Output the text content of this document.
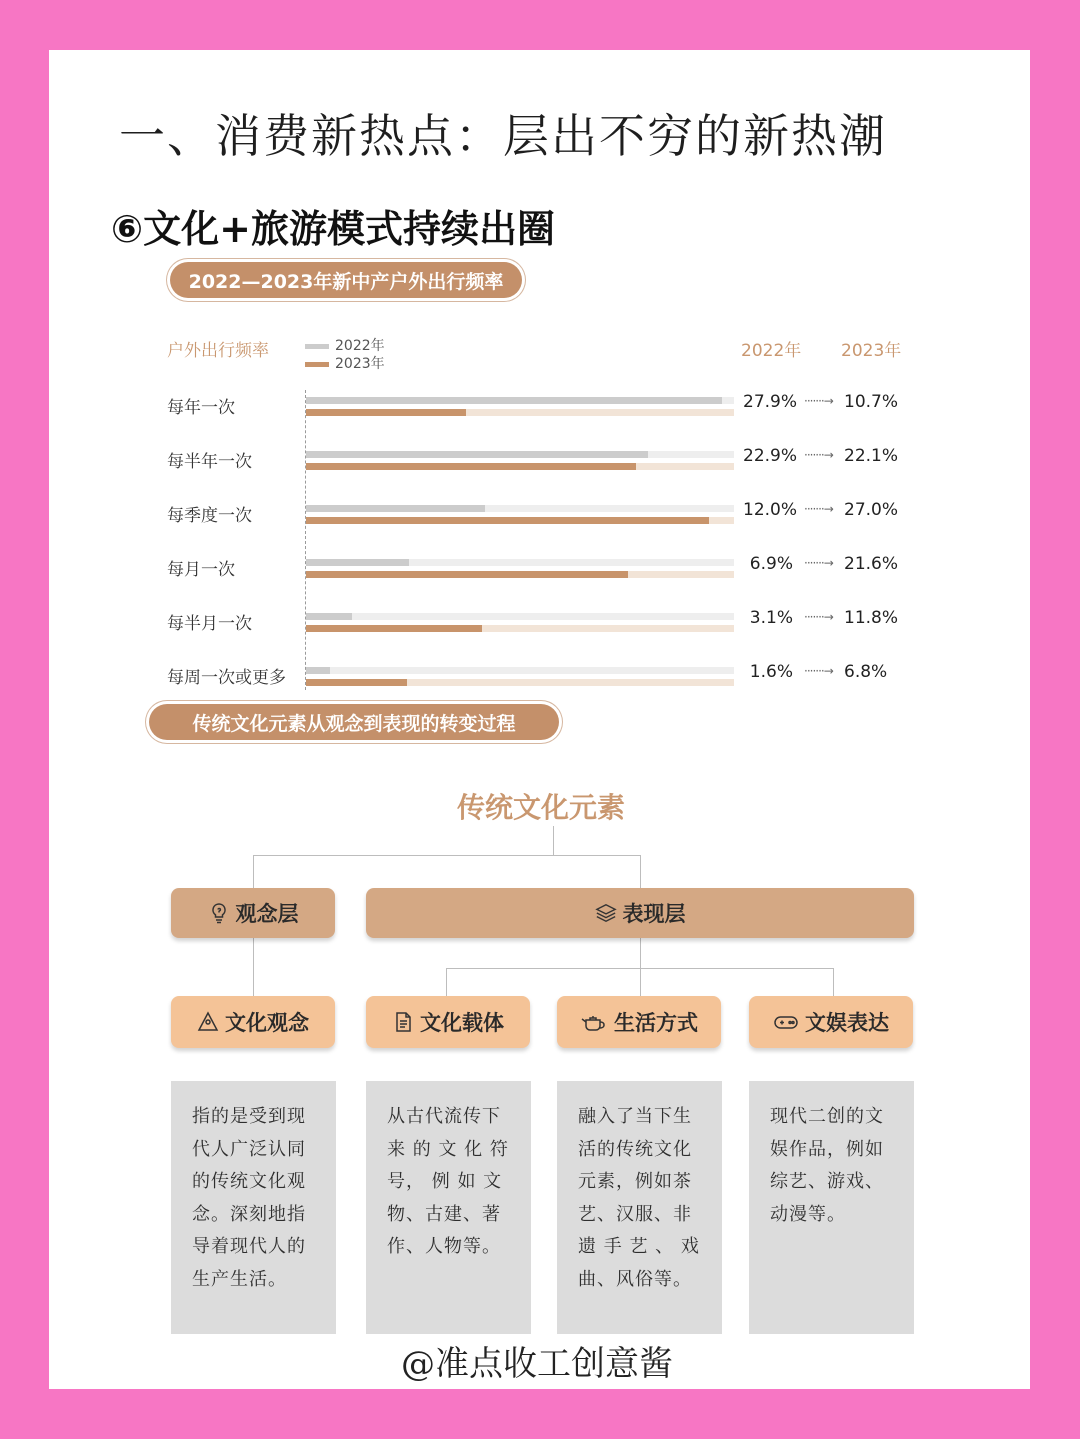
一、消费新热点：层出不穷的新热潮
⑥文化+旅游模式持续出圈
2022—2023年新中产户外出行频率
户外出行频率	2022年
2023年
2022年 2023年
每年一次	27.9% ·······→ 10.7%
每半年一次	22.9% ·······→ 22.1%
每季度一次	12.0% ·······→ 27.0%
每月一次	6.9% ·······→ 21.6%
每半月一次	3.1% ·······→ 11.8%
每周一次或更多	1.6% ·······→ 6.8%
传统文化元素从观念到表现的转变过程
传统文化元素
观念层	表现层
文化观念	文化载体	生活方式	文娱表达
指的是受到现
代人广泛认同
的传统文化观
念。深刻地指
导着现代人的
生产生活。
从古代流传下
来 的 文 化 符
号， 例 如 文
物、古建、著
作、人物等。
融入了当下生
活的传统文化
元素，例如茶
艺、汉服、非
遗 手 艺 、 戏
曲、风俗等。
现代二创的文
娱作品，例如
综艺、游戏、
动漫等。
@准点收工创意酱
